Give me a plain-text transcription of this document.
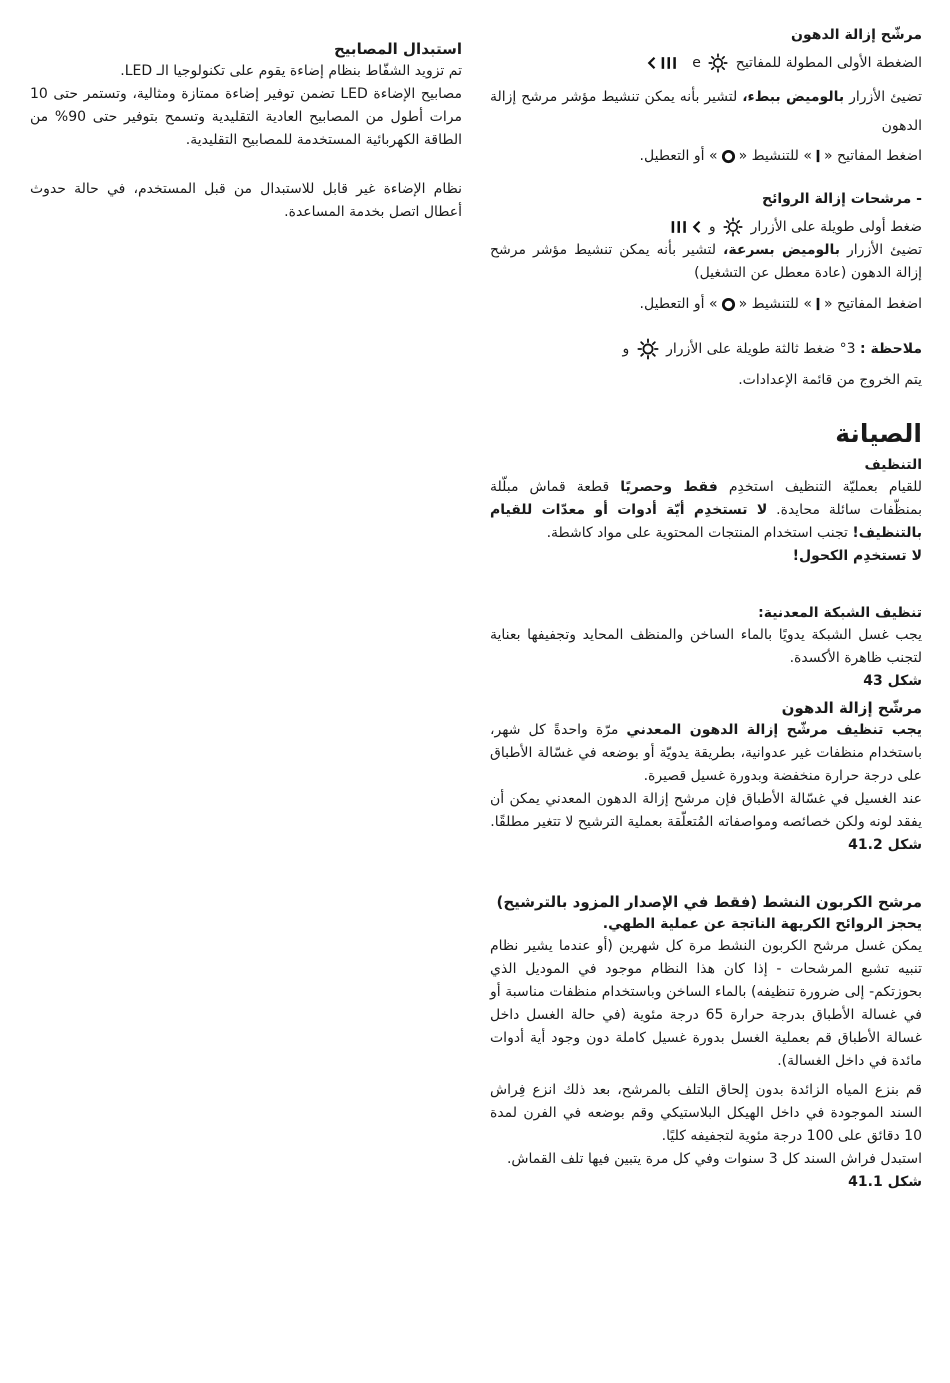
مرشّح إزالة الدهون

الضغطة الأولى المطولة للمفاتيح  e

تضيئ الأزرار بالوميض ببطء، لتشير بأنه يمكن تنشيط مؤشر مرشح إزالة الدهون

اضغط المفاتيح «» للتنشيط «» أو التعطيل.

- مرشحات إزالة الروائح

ضغط أولى طويلة على الأزرار  و

تضيئ الأزرار بالوميض بسرعة، لتشير بأنه يمكن تنشيط مؤشر مرشح إزالة الدهون (عادة معطل عن التشغيل)

اضغط المفاتيح «» للتنشيط «» أو التعطيل.

ملاحظة : 3° ضغط ثالثة طويلة على الأزرار  و

يتم الخروج من قائمة الإعدادات.

الصيانة

التنظيف

للقيام بعمليّة التنظيف استخدِم فقط وحصريًا قطعة قماش مبلّلة بمنظّفات سائلة محايدة. لا تستخدِم أيّة أدوات أو معدّات للقيام بالتنظيف! تجنب استخدام المنتجات المحتوية على مواد كاشطة.
لا تستخدِم الكحول!

تنظيف الشبكة المعدنية:

يجب غسل الشبكة يدويًا بالماء الساخن والمنظف المحايد وتجفيفها بعناية لتجنب ظاهرة الأكسدة.

شكل 43

مرشّح إزالة الدهون

يجب تنظيف مرشّح إزالة الدهون المعدني مرّة واحدةً كل شهر، باستخدام منظفات غير عدوانية، بطريقة يدويّة أو بوضعه في غسّالة الأطباق على درجة حرارة منخفضة وبدورة غسيل قصيرة.

عند الغسيل في غسّالة الأطباق فإن مرشح إزالة الدهون المعدني يمكن أن يفقد لونه ولكن خصائصه ومواصفاته المُتعلّقة بعملية الترشيح لا تتغير مطلقًا.

شكل 41.2

مرشح الكربون النشط (فقط في الإصدار المزود بالترشيح)

يحجز الروائح الكريهة الناتجة عن عملية الطهي.

يمكن غسل مرشح الكربون النشط مرة كل شهرين (أو عندما يشير نظام تنبيه تشبع المرشحات - إذا كان هذا النظام موجود في الموديل الذي بحوزتكم- إلى ضرورة تنظيفه) بالماء الساخن وباستخدام منظفات مناسبة أو في غسالة الأطباق بدرجة حرارة 65 درجة مئوية (في حالة الغسل داخل غسالة الأطباق قم بعملية الغسل بدورة غسيل كاملة دون وجود أية أدوات مائدة في داخل الغسالة).

قم بنزع المياه الزائدة بدون إلحاق التلف بالمرشح، بعد ذلك انزع فِراش السند الموجودة في داخل الهيكل البلاستيكي وقم بوضعه في الفرن لمدة 10 دقائق على 100 درجة مئوية لتجفيفه كليًا.

استبدل فراش السند كل 3 سنوات وفي كل مرة يتبين فيها تلف القماش.

شكل 41.1

استبدال المصابيح

تم تزويد الشفّاط بنظام إضاءة يقوم على تكنولوجيا الـ LED.

مصابيح الإضاءة LED تضمن توفير إضاءة ممتازة ومثالية، وتستمر حتى 10 مرات أطول من المصابيح العادية التقليدية وتسمح بتوفير حتى 90% من الطاقة الكهربائية المستخدمة للمصابيح التقليدية.

نظام الإضاءة غير قابل للاستبدال من قبل المستخدم، في حالة حدوث أعطال اتصل بخدمة المساعدة.
